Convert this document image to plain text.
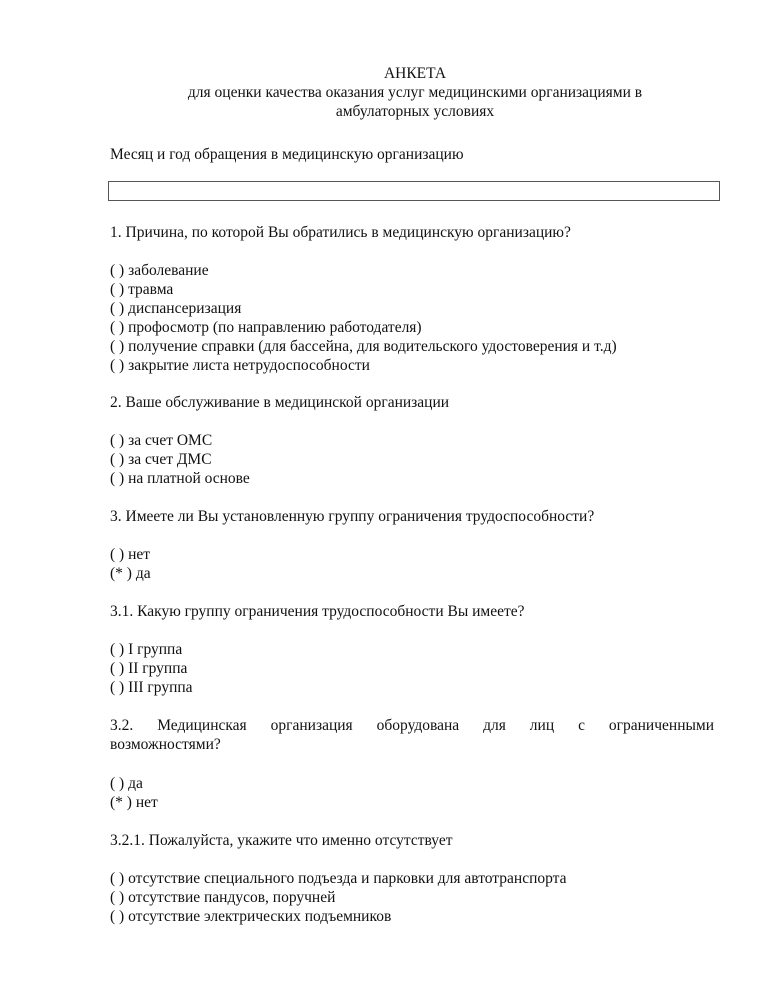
АНКЕТА
для оценки качества оказания услуг медицинскими организациями в
амбулаторных условиях
Месяц и год обращения в медицинскую организацию
1. Причина, по которой Вы обратились в медицинскую организацию?
( ) заболевание
( ) травма
( ) диспансеризация
( ) профосмотр (по направлению работодателя)
( ) получение справки (для бассейна, для водительского удостоверения и т.д)
( ) закрытие листа нетрудоспособности
2. Ваше обслуживание в медицинской организации
( ) за счет ОМС
( ) за счет ДМС
( ) на платной основе
3. Имеете ли Вы установленную группу ограничения трудоспособности?
( ) нет
(* ) да
3.1. Какую группу ограничения трудоспособности Вы имеете?
( ) I группа
( ) II группа
( ) III группа
3.2. Медицинская организация оборудована для лиц с ограниченными
возможностями?
( ) да
(* ) нет
3.2.1. Пожалуйста, укажите что именно отсутствует
( ) отсутствие специального подъезда и парковки для автотранспорта
( ) отсутствие пандусов, поручней
( ) отсутствие электрических подъемников
